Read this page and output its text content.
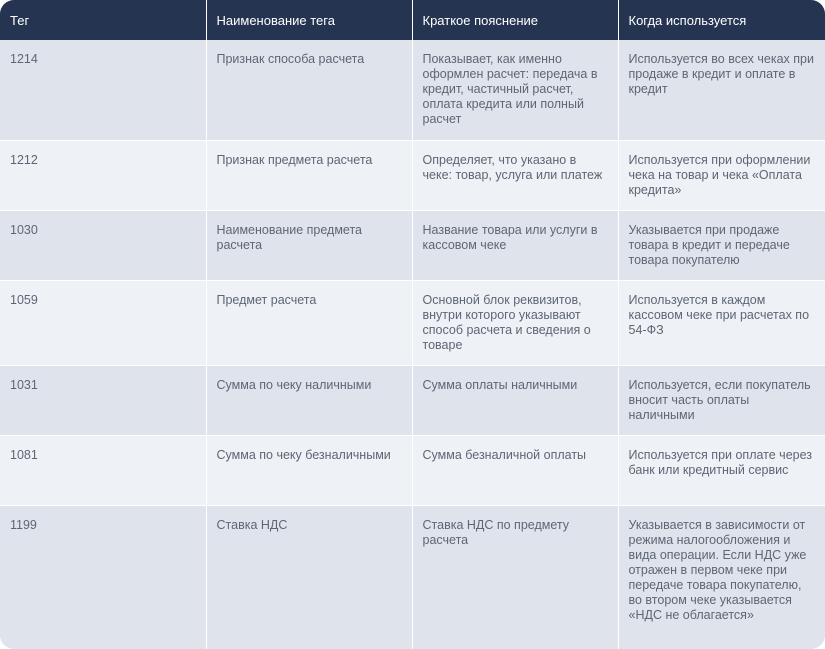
Тег	Наименование тега	Краткое пояснение	Когда используется
1214	Признак способа расчета	Показывает, как именно оформлен расчет: передача в кредит, частичный расчет, оплата кредита или полный расчет	Используется во всех чеках при продаже в кредит и оплате в кредит
1212	Признак предмета расчета	Определяет, что указано в чеке: товар, услуга или платеж	Используется при оформлении чека на товар и чека «Оплата кредита»
1030	Наименование предмета расчета	Название товара или услуги в кассовом чеке	Указывается при продаже товара в кредит и передаче товара покупателю
1059	Предмет расчета	Основной блок реквизитов, внутри которого указывают способ расчета и сведения о товаре	Используется в каждом кассовом чеке при расчетах по 54-ФЗ
1031	Сумма по чеку наличными	Сумма оплаты наличными	Используется, если покупатель вносит часть оплаты наличными
1081	Сумма по чеку безналичными	Сумма безналичной оплаты	Используется при оплате через банк или кредитный сервис
1199	Ставка НДС	Ставка НДС по предмету расчета	Указывается в зависимости от режима налогообложения и вида операции. Если НДС уже отражен в первом чеке при передаче товара покупателю, во втором чеке указывается «НДС не облагается»
